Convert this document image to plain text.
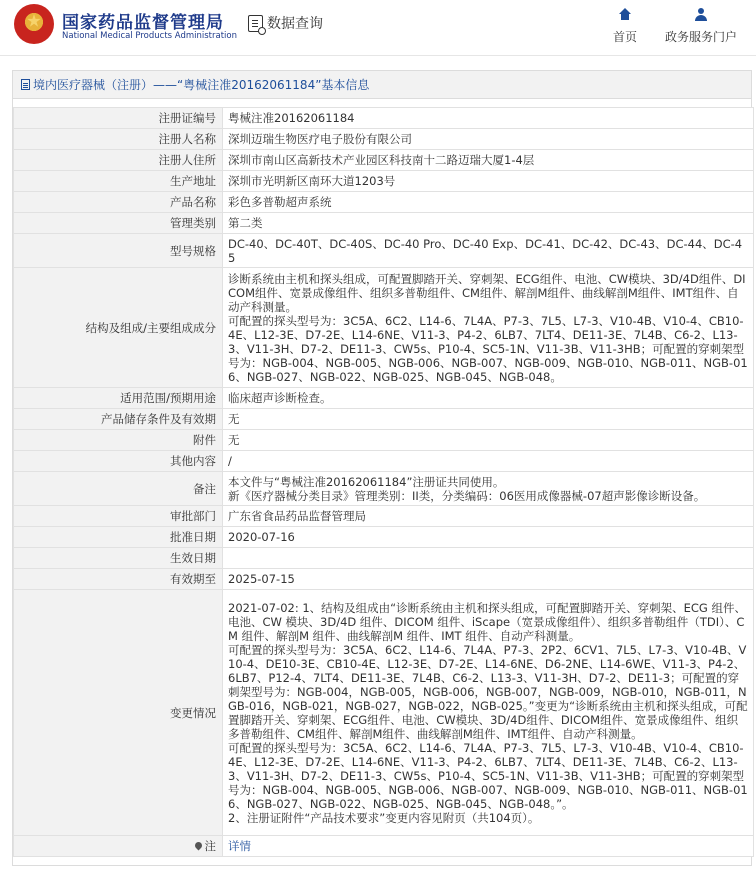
国家药品监督管理局
National Medical Products Administration
数据查询
首页	政务服务门户
境内医疗器械（注册）——“粤械注准20162061184”基本信息
注册证编号	粤械注准20162061184
注册人名称	深圳迈瑞生物医疗电子股份有限公司
注册人住所	深圳市南山区高新技术产业园区科技南十二路迈瑞大厦1-4层
生产地址	深圳市光明新区南环大道1203号
产品名称	彩色多普勒超声系统
管理类别	第二类
型号规格	DC-40、DC-40T、DC-40S、DC-40 Pro、DC-40 Exp、DC-41、DC-42、DC-43、DC-44、DC-45
结构及组成/主要组成成分	诊断系统由主机和探头组成，可配置脚踏开关、穿刺架、ECG组件、电池、CW模块、3D/4D组件、DICOM组件、宽景成像组件、组织多普勒组件、CM组件、解剖M组件、曲线解剖M组件、IMT组件、自动产科测量。
可配置的探头型号为：3C5A、6C2、L14-6、7L4A、P7-3、7L5、L7-3、V10-4B、V10-4、CB10-4E、L12-3E、D7-2E、L14-6NE、V11-3、P4-2、6LB7、7LT4、DE11-3E、7L4B、C6-2、L13-3、V11-3H、D7-2、DE11-3、CW5s、P10-4、SC5-1N、V11-3B、V11-3HB；可配置的穿刺架型号为：NGB-004、NGB-005、NGB-006、NGB-007、NGB-009、NGB-010、NGB-011、NGB-016、NGB-027、NGB-022、NGB-025、NGB-045、NGB-048。
适用范围/预期用途	临床超声诊断检查。
产品储存条件及有效期	无
附件	无
其他内容	/
备注	本文件与“粤械注准20162061184”注册证共同使用。
新《医疗器械分类目录》管理类别：II类，分类编码：06医用成像器械-07超声影像诊断设备。
审批部门	广东省食品药品监督管理局
批准日期	2020-07-16
生效日期	
有效期至	2025-07-15
变更情况	2021-07-02: 1、结构及组成由“诊断系统由主机和探头组成，可配置脚踏开关、穿刺架、ECG 组件、电池、CW 模块、3D/4D 组件、DICOM 组件、iScape（宽景成像组件）、组织多普勒组件（TDI）、CM 组件、解剖M 组件、曲线解剖M 组件、IMT 组件、自动产科测量。
可配置的探头型号为：3C5A、6C2、L14-6、7L4A、P7-3、2P2、6CV1、7L5、L7-3、V10-4B、V10-4、DE10-3E、CB10-4E、L12-3E、D7-2E、L14-6NE、D6-2NE、L14-6WE、V11-3、P4-2、6LB7、P12-4、7LT4、DE11-3E、7L4B、C6-2、L13-3、V11-3H、D7-2、DE11-3；可配置的穿刺架型号为：NGB-004，NGB-005，NGB-006，NGB-007，NGB-009，NGB-010，NGB-011，NGB-016，NGB-021，NGB-027，NGB-022，NGB-025。”变更为“诊断系统由主机和探头组成，可配置脚踏开关、穿刺架、ECG组件、电池、CW模块、3D/4D组件、DICOM组件、宽景成像组件、组织多普勒组件、CM组件、解剖M组件、曲线解剖M组件、IMT组件、自动产科测量。
可配置的探头型号为：3C5A、6C2、L14-6、7L4A、P7-3、7L5、L7-3、V10-4B、V10-4、CB10-4E、L12-3E、D7-2E、L14-6NE、V11-3、P4-2、6LB7、7LT4、DE11-3E、7L4B、C6-2、L13-3、V11-3H、D7-2、DE11-3、CW5s、P10-4、SC5-1N、V11-3B、V11-3HB；可配置的穿刺架型号为：NGB-004、NGB-005、NGB-006、NGB-007、NGB-009、NGB-010、NGB-011、NGB-016、NGB-027、NGB-022、NGB-025、NGB-045、NGB-048。”。
2、注册证附件“产品技术要求”变更内容见附页（共104页）。
注	详情
